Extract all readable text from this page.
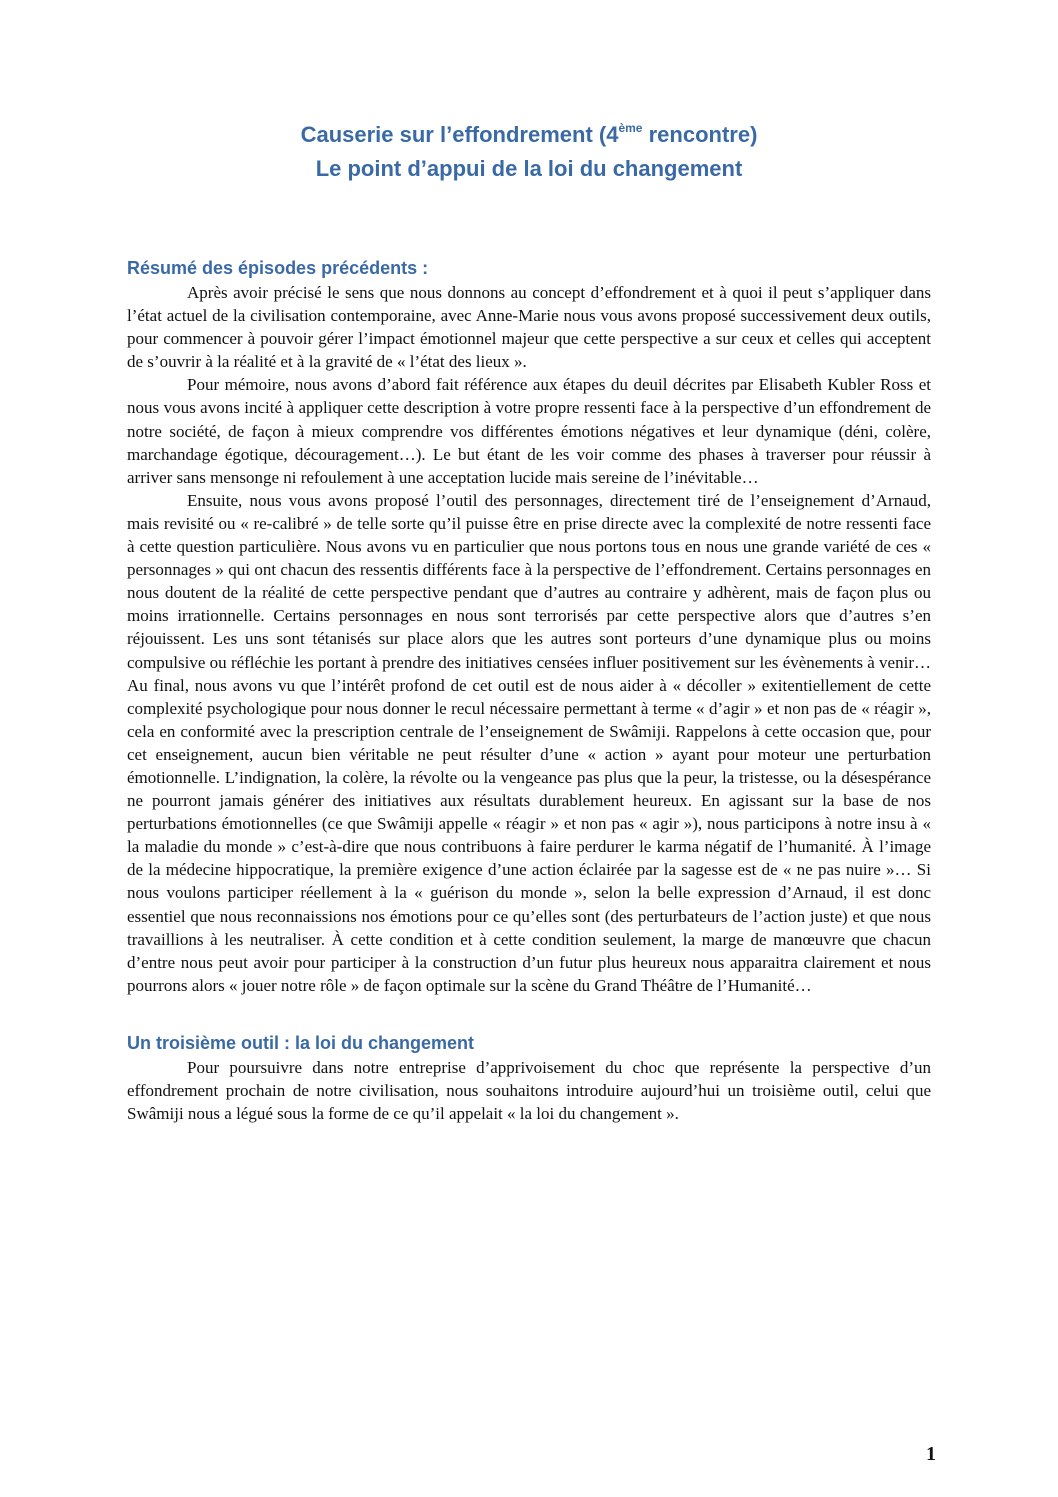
Causerie sur l’effondrement (4ème rencontre)
Le point d’appui de la loi du changement
Résumé des épisodes précédents :

Après avoir précisé le sens que nous donnons au concept d’effondrement et à quoi il peut s’appliquer dans l’état actuel de la civilisation contemporaine, avec Anne-Marie nous vous avons proposé successivement deux outils, pour commencer à pouvoir gérer l’impact émotionnel majeur que cette perspective a sur ceux et celles qui acceptent de s’ouvrir à la réalité et à la gravité de « l’état des lieux ».

Pour mémoire, nous avons d’abord fait référence aux étapes du deuil décrites par Elisabeth Kubler Ross et nous vous avons incité à appliquer cette description à votre propre ressenti face à la perspective d’un effondrement de notre société, de façon à mieux comprendre vos différentes émotions négatives et leur dynamique (déni, colère, marchandage égotique, découragement…). Le but étant de les voir comme des phases à traverser pour réussir à arriver sans mensonge ni refoulement à une acceptation lucide mais sereine de l’inévitable…

Ensuite, nous vous avons proposé l’outil des personnages, directement tiré de l’enseignement d’Arnaud, mais revisité ou « re-calibré » de telle sorte qu’il puisse être en prise directe avec la complexité de notre ressenti face à cette question particulière. Nous avons vu en particulier que nous portons tous en nous une grande variété de ces « personnages » qui ont chacun des ressentis différents face à la perspective de l’effondrement. Certains personnages en nous doutent de la réalité de cette perspective pendant que d’autres au contraire y adhèrent, mais de façon plus ou moins irrationnelle. Certains personnages en nous sont terrorisés par cette perspective alors que d’autres s’en réjouissent. Les uns sont tétanisés sur place alors que les autres sont porteurs d’une dynamique plus ou moins compulsive ou réfléchie les portant à prendre des initiatives censées influer positivement sur les évènements à venir… Au final, nous avons vu que l’intérêt profond de cet outil est de nous aider à « décoller » exitentiellement de cette complexité psychologique pour nous donner le recul nécessaire permettant à terme « d’agir » et non pas de « réagir », cela en conformité avec la prescription centrale de l’enseignement de Swâmiji. Rappelons à cette occasion que, pour cet enseignement, aucun bien véritable ne peut résulter d’une « action » ayant pour moteur une perturbation émotionnelle. L’indignation, la colère, la révolte ou la vengeance pas plus que la peur, la tristesse, ou la désespérance ne pourront jamais générer des initiatives aux résultats durablement heureux. En agissant sur la base de nos perturbations émotionnelles (ce que Swâmiji appelle « réagir » et non pas « agir »), nous participons à notre insu à « la maladie du monde » c’est-à-dire que nous contribuons à faire perdurer le karma négatif de l’humanité. À l’image de la médecine hippocratique, la première exigence d’une action éclairée par la sagesse est de « ne pas nuire »… Si nous voulons participer réellement à la « guérison du monde », selon la belle expression d’Arnaud, il est donc essentiel que nous reconnaissions nos émotions pour ce qu’elles sont (des perturbateurs de l’action juste) et que nous travaillions à les neutraliser. À cette condition et à cette condition seulement, la marge de manœuvre que chacun d’entre nous peut avoir pour participer à la construction d’un futur plus heureux nous apparaitra clairement et nous pourrons alors « jouer notre rôle » de façon optimale sur la scène du Grand Théâtre de l’Humanité…

Un troisième outil : la loi du changement

Pour poursuivre dans notre entreprise d’apprivoisement du choc que représente la perspective d’un effondrement prochain de notre civilisation, nous souhaitons introduire aujourd’hui un troisième outil, celui que Swâmiji nous a légué sous la forme de ce qu’il appelait « la loi du changement ».

1
